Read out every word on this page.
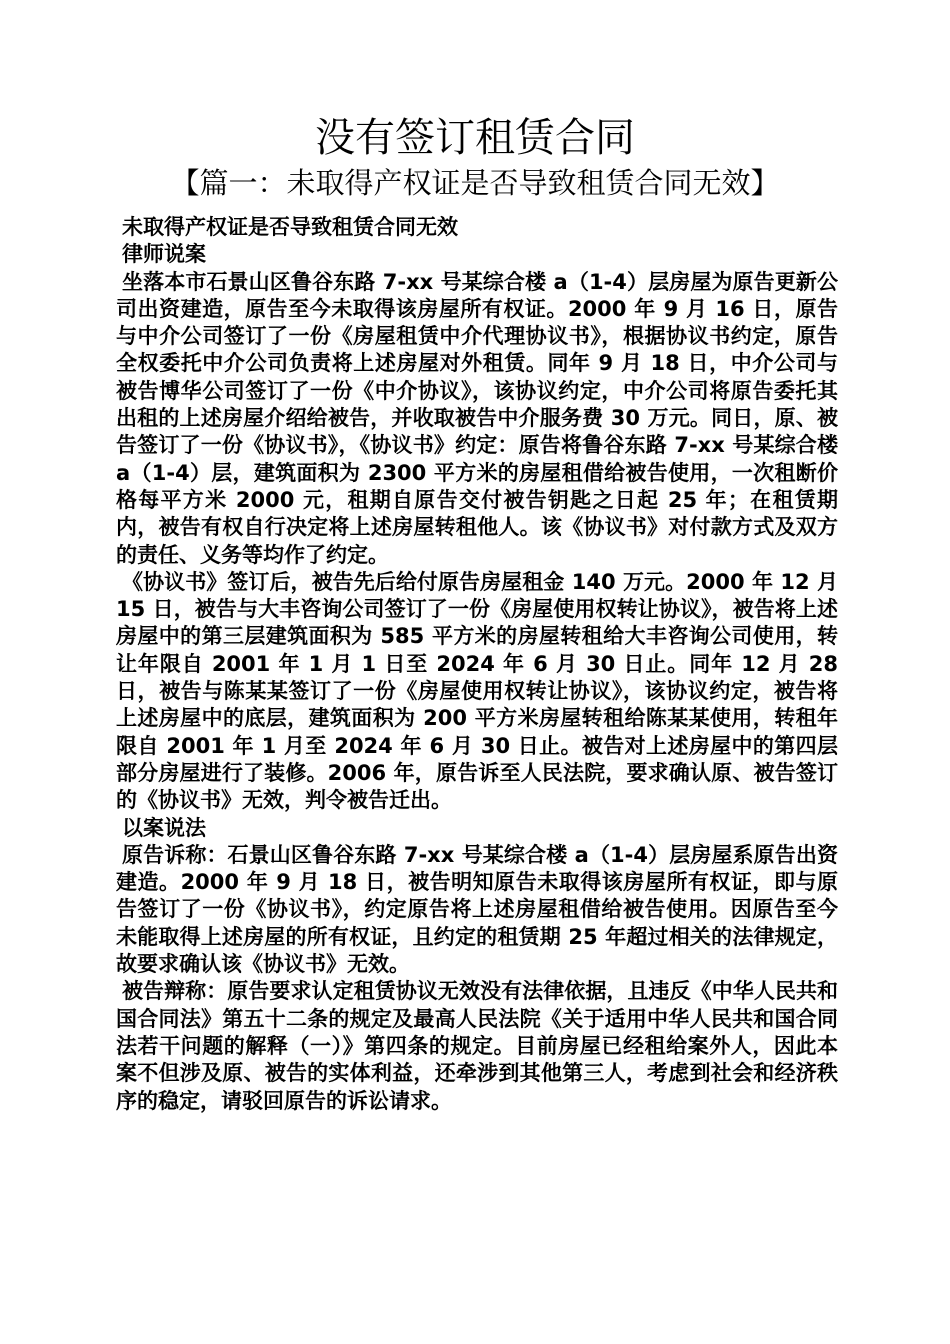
没有签订租赁合同
【篇一：未取得产权证是否导致租赁合同无效】

未取得产权证是否导致租赁合同无效

律师说案

坐落本市石景山区鲁谷东路 7-xx 号某综合楼 a（1-4）层房屋为原告更新公司出资建造，原告至今未取得该房屋所有权证。2000 年 9 月 16 日，原告与中介公司签订了一份《房屋租赁中介代理协议书》，根据协议书约定，原告全权委托中介公司负责将上述房屋对外租赁。同年 9 月 18 日，中介公司与被告博华公司签订了一份《中介协议》，该协议约定，中介公司将原告委托其出租的上述房屋介绍给被告，并收取被告中介服务费 30 万元。同日，原、被告签订了一份《协议书》，《协议书》约定：原告将鲁谷东路 7-xx 号某综合楼 a（1-4）层，建筑面积为 2300 平方米的房屋租借给被告使用，一次租断价格每平方米 2000 元，租期自原告交付被告钥匙之日起 25 年；在租赁期内，被告有权自行决定将上述房屋转租他人。该《协议书》对付款方式及双方的责任、义务等均作了约定。

《协议书》签订后，被告先后给付原告房屋租金 140 万元。2000 年 12 月 15 日，被告与大丰咨询公司签订了一份《房屋使用权转让协议》，被告将上述房屋中的第三层建筑面积为 585 平方米的房屋转租给大丰咨询公司使用，转让年限自 2001 年 1 月 1 日至 2024 年 6 月 30 日止。同年 12 月 28 日，被告与陈某某签订了一份《房屋使用权转让协议》，该协议约定，被告将上述房屋中的底层，建筑面积为 200 平方米房屋转租给陈某某使用，转租年限自 2001 年 1 月至 2024 年 6 月 30 日止。被告对上述房屋中的第四层部分房屋进行了装修。2006 年，原告诉至人民法院，要求确认原、被告签订的《协议书》无效，判令被告迁出。

以案说法

原告诉称：石景山区鲁谷东路 7-xx 号某综合楼 a（1-4）层房屋系原告出资建造。2000 年 9 月 18 日，被告明知原告未取得该房屋所有权证，即与原告签订了一份《协议书》，约定原告将上述房屋租借给被告使用。因原告至今未能取得上述房屋的所有权证，且约定的租赁期 25 年超过相关的法律规定，故要求确认该《协议书》无效。

被告辩称：原告要求认定租赁协议无效没有法律依据，且违反《中华人民共和国合同法》第五十二条的规定及最高人民法院《关于适用中华人民共和国合同法若干问题的解释（一）》第四条的规定。目前房屋已经租给案外人，因此本案不但涉及原、被告的实体利益，还牵涉到其他第三人，考虑到社会和经济秩序的稳定，请驳回原告的诉讼请求。
